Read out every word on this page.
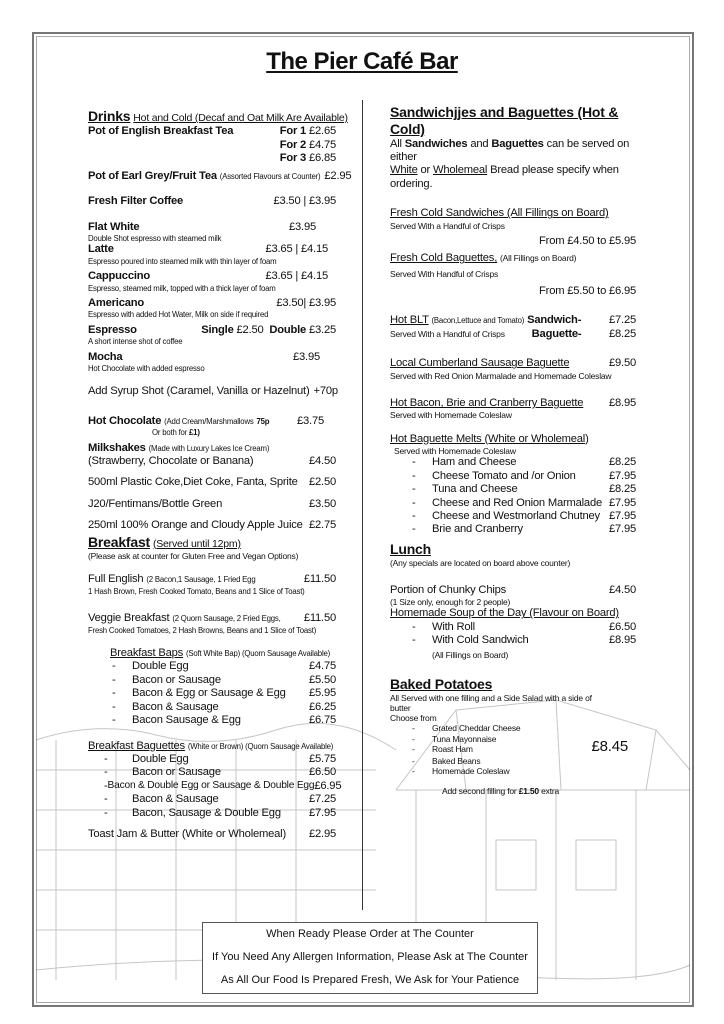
The Pier Café Bar
Drinks Hot and Cold (Decaf and Oat Milk Are Available)
Pot of English Breakfast Tea	For 1 £2.65
For 2 £4.75
For 3 £6.85
Pot of Earl Grey/Fruit Tea (Assorted Flavours at Counter) £2.95
Fresh Filter Coffee	£3.50 | £3.95
Flat White	£3.95
Double Shot espresso with steamed milk
Latte	£3.65 | £4.15
Espresso poured into steamed milk with thin layer of foam
Cappuccino	£3.65 | £4.15
Espresso, steamed milk, topped with a thick layer of foam
Americano	£3.50| £3.95
Espresso with added Hot Water, Milk on side if required
Espresso	Single £2.50 Double £3.25
A short intense shot of coffee
Mocha	£3.95
Hot Chocolate with added espresso
Add Syrup Shot (Caramel, Vanilla or Hazelnut) +70p
Hot Chocolate (Add Cream/Marshmallows 75p	£3.75
Or both for £1)
Milkshakes (Made with Luxury Lakes Ice Cream)
(Strawberry, Chocolate or Banana)	£4.50
500ml Plastic Coke,Diet Coke, Fanta, Sprite	£2.50
J20/Fentimans/Bottle Green	£3.50
250ml 100% Orange and Cloudy Apple Juice £2.75
Breakfast (Served until 12pm)
(Please ask at counter for Gluten Free and Vegan Options)
Full English (2 Bacon,1 Sausage, 1 Fried Egg	£11.50
1 Hash Brown, Fresh Cooked Tomato, Beans and 1 Slice of Toast)
Veggie Breakfast (2 Quorn Sausage, 2 Fried Eggs,	£11.50
Fresh Cooked Tomatoes, 2 Hash Browns, Beans and 1 Slice of Toast)
Breakfast Baps (Soft White Bap) (Quorn Sausage Available)
-	Double Egg	£4.75
-	Bacon or Sausage	£5.50
-	Bacon & Egg or Sausage & Egg	£5.95
-	Bacon & Sausage	£6.25
-	Bacon Sausage & Egg	£6.75
Breakfast Baguettes (White or Brown) (Quorn Sausage Available)
-	Double Egg	£5.75
-	Bacon or Sausage	£6.50
- Bacon & Double Egg or Sausage & Double Egg £6.95
-	Bacon & Sausage	£7.25
-	Bacon, Sausage & Double Egg	£7.95
Toast Jam & Butter (White or Wholemeal)	£2.95
Sandwichjjes and Baguettes (Hot & Cold)
All Sandwiches and Baguettes can be served on either
White or Wholemeal Bread please specify when ordering.
Fresh Cold Sandwiches (All Fillings on Board)
Served With a Handful of Crisps
From £4.50 to £5.95
Fresh Cold Baguettes, (All Fillings on Board)
Served With Handful of Crisps
From £5.50 to £6.95
Hot BLT (Bacon,Lettuce and Tomato) Sandwich-	£7.25
Served With a Handful of Crisps Baguette-	£8.25
Local Cumberland Sausage Baguette	£9.50
Served with Red Onion Marmalade and Homemade Coleslaw
Hot Bacon, Brie and Cranberry Baguette	£8.95
Served with Homemade Coleslaw
Hot Baguette Melts (White or Wholemeal)
Served with Homemade Coleslaw
-	Ham and Cheese	£8.25
-	Cheese Tomato and /or Onion	£7.95
-	Tuna and Cheese	£8.25
-	Cheese and Red Onion Marmalade £7.95
-	Cheese and Westmorland Chutney £7.95
-	Brie and Cranberry	£7.95
Lunch
(Any specials are located on board above counter)
Portion of Chunky Chips	£4.50
(1 Size only, enough for 2 people)
Homemade Soup of the Day (Flavour on Board)
-	With Roll	£6.50
-	With Cold Sandwich	£8.95
(All Fillings on Board)
Baked Potatoes
All Served with one filling and a Side Salad with a side of
butter
Choose from
-	Grated Cheddar Cheese
-	Tuna Mayonnaise
-	Roast Ham	£8.45
-	Baked Beans
-	Homemade Coleslaw
Add second filling for £1.50 extra
When Ready Please Order at The Counter
If You Need Any Allergen Information, Please Ask at The Counter
As All Our Food Is Prepared Fresh, We Ask for Your Patience
